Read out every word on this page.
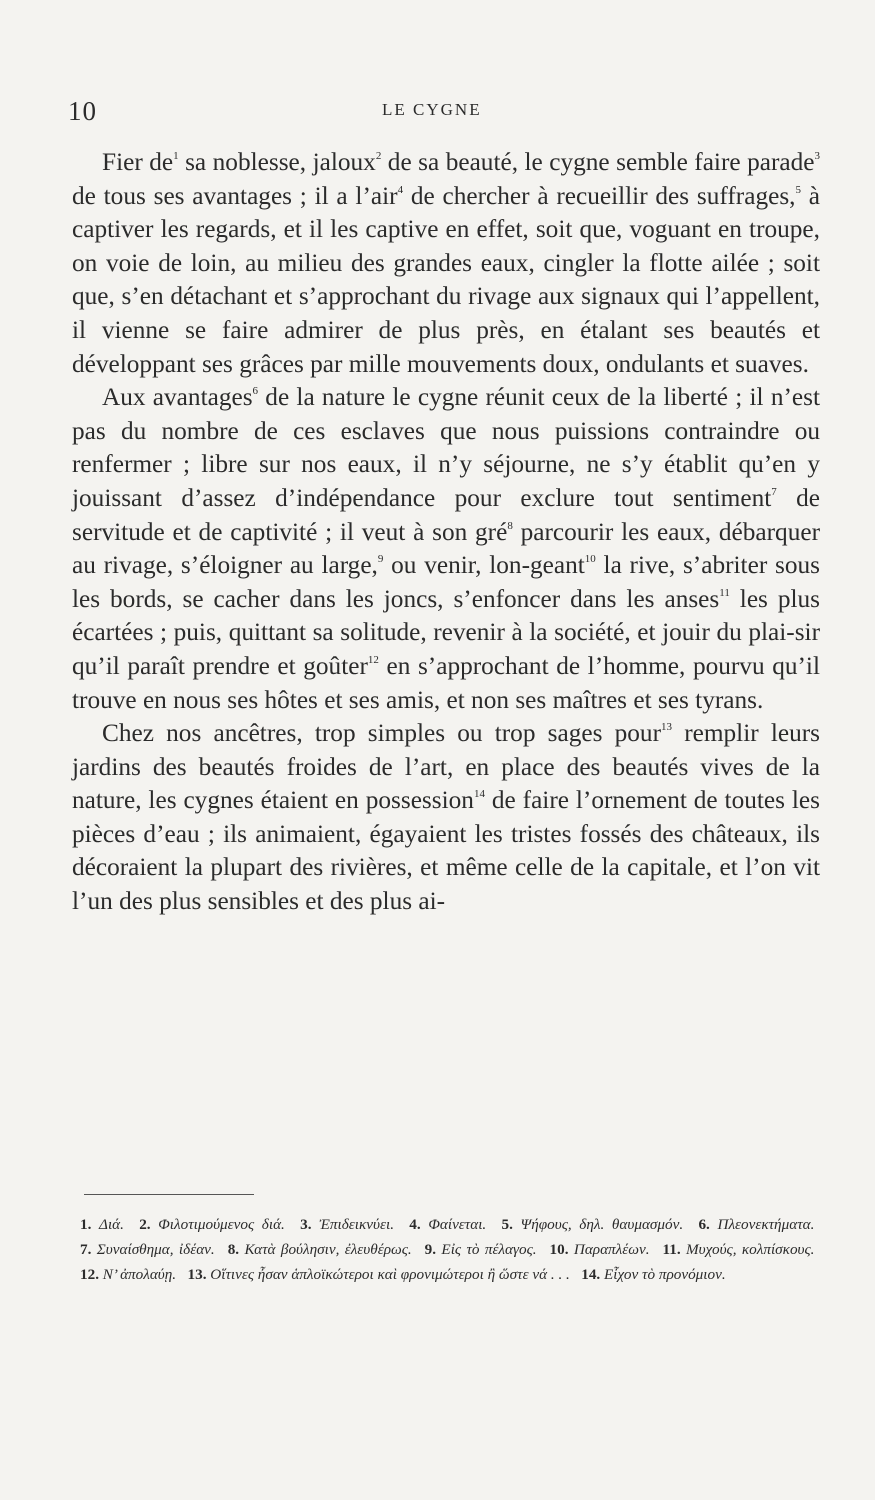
10	LE CYGNE

Fier $de^1$ sa noblesse, jaloux$^2$ de sa beauté, le cygne semble faire parade$^3$ de tous ses avantages ; il a l’air$^4$ de chercher à recueillir des suffrages,$^5$ à captiver les regards, et il les captive en effet, soit que, voguant en troupe, on voie de loin, au milieu des grandes eaux, cingler la flotte ailée ; soit que, s’en détachant et s’approchant du rivage aux signaux qui l’appellent, il vienne se faire admirer de plus près, en étalant ses beautés et développant ses grâces par mille mouvements doux, ondulants et suaves.

Aux avantages$^6$ de la nature le cygne réunit ceux de la liberté ; il n’est pas du nombre de ces esclaves que nous puissions contraindre ou renfermer ; libre sur nos eaux, il n’y séjourne, ne s’y établit qu’en y jouissant d’assez d’indépendance pour exclure tout sentiment$^7$ de servitude et de captivité ; il veut à son gré$^8$ parcourir les eaux, débarquer au rivage, s’éloigner au large,$^9$ ou venir, lon-geant$^{10}$ la rive, s’abriter sous les bords, se cacher dans les joncs, s’enfoncer dans les anses$^{11}$ les plus écartées ; puis, quittant sa solitude, revenir à la société, et jouir du plai-sir qu’il paraît prendre et goûter$^{12}$ en s’approchant de l’homme, pourvu qu’il trouve en nous ses hôtes et ses amis, et non ses maîtres et ses tyrans.

Chez nos ancêtres, trop simples ou trop sages pour$^{13}$ remplir leurs jardins des beautés froides de l’art, en place des beautés vives de la nature, les cygnes étaient en possession$^{14}$ de faire l’ornement de toutes les pièces d’eau ; ils animaient, égayaient les tristes fossés des châteaux, ils décoraient la plupart des rivières, et même celle de la capitale, et l’on vit l’un des plus sensibles et des plus ai-

1. Διά.  2. Φιλοτιμούμενος διά.  3. Ἐπιδεικνύει.  4. Φαίνεται.  5. Ψήφους, δηλ. θαυμασμόν.  6. Πλεονεκτήματα.  7. Συναίσθημα, ἰδέαν.  8. Κατὰ βούλησιν, ἐλευθέρως.  9. Εἰς τὸ πέλαγος.  10. Παραπλέων.  11. Μυχούς, κολπίσκους.  12. Ν’ ἀπολαύῃ.  13. Οἵτινες ἦσαν ἁπλοϊκώτεροι καὶ φρονιμώτεροι ἢ ὥστε νά . . .  14. Εἶχον τὸ προνόμιον.
